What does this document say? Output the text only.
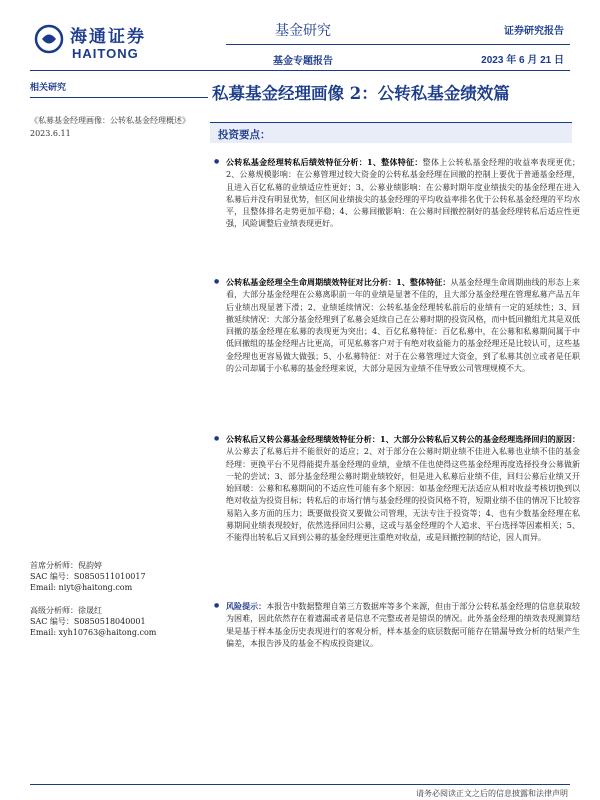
海通证券
HAITONG
基金研究
基金专题报告
证券研究报告
2023 年 6 月 21 日
相关研究
《私募基金经理画像：公转私基金经理概述》2023.6.11
首席分析师：倪韵婷
SAC 编号：S0850511010017
Email: niyt@haitong.com
高级分析师：徐晟红
SAC 编号：S0850518040001
Email: xyh10763@haitong.com
私募基金经理画像 2：公转私基金绩效篇
投资要点：
● 公转私基金经理转私后绩效特征分析：1、整体特征：整体上公转私基金经理的收益率表现更优；2、公募规模影响：在公募管理过较大资金的公转私基金经理在回撤的控制上要优于普通基金经理，且进入百亿私募的业绩适应性更好；3、公募业绩影响：在公募时期年度业绩拔尖的基金经理在进入私募后并没有明显优势，但区间业绩拔尖的基金经理的平均收益率排名优于公转私基金经理的平均水平，且整体排名走势更加平稳；4、公募回撤影响：在公募时回撤控制好的基金经理转私后适应性更强，风险调整后业绩表现更好。
● 公转私基金经理全生命周期绩效特征对比分析：1、整体特征：从基金经理生命周期曲线的形态上来看，大部分基金经理在公募离职前一年的业绩是显著不佳的，且大部分基金经理在管理私募产品五年后业绩出现显著下滑；2、业绩延续情况：公转私基金经理转私前后的业绩有一定的延续性；3、回撤延续情况：大部分基金经理到了私募会延续自己在公募时期的投资风格，而中低回撤组尤其是双低回撤的基金经理在私募的表现更为突出；4、百亿私募特征：百亿私募中，在公募和私募期间属于中低回撤组的基金经理占比更高，可见私募客户对于有绝对收益能力的基金经理还是比较认可，这些基金经理也更容易做大做强；5、小私募特征：对于在公募管理过大资金，到了私募其创立或者是任职的公司却属于小私募的基金经理来说，大部分是因为业绩不佳导致公司管理规模不大。
● 公转私后又转公募基金经理绩效特征分析：1、大部分公转私后又转公的基金经理选择回归的原因：从公募去了私募后并不能很好的适应；2、对于部分在公募时期业绩不佳进入私募也业绩不佳的基金经理：更换平台不见得能提升基金经理的业绩，业绩不佳也使得这些基金经理再度选择投身公募做新一轮的尝试；3、部分基金经理公募时期业绩较好，但是进入私募后业绩不佳，回归公募后业绩又开始回暖：公募和私募期间的不适应性可能有多个原因：如基金经理无法适应从相对收益考核切换到以绝对收益为投资目标；转私后的市场行情与基金经理的投资风格不符，短期业绩不佳的情况下比较容易陷入多方面的压力；既要做投资又要做公司管理，无法专注于投资等；4、也有少数基金经理在私募期间业绩表现较好，依然选择回归公募，这或与基金经理的个人追求、平台选择等因素相关；5、不能得出转私后又回到公募的基金经理更注重绝对收益，或是回撤控制的结论，因人而异。
● 风险提示：本报告中数据整理自第三方数据库等多个来源，但由于部分公转私基金经理的信息获取较为困难，因此依然存在着遗漏或者是信息不完整或者是错误的情况。此外基金经理的绩效表现测算结果是基于样本基金历史表现进行的客观分析，样本基金的底层数据可能存在错漏导致分析的结果产生偏差，本报告涉及的基金不构成投资建议。
请务必阅读正文之后的信息披露和法律声明
